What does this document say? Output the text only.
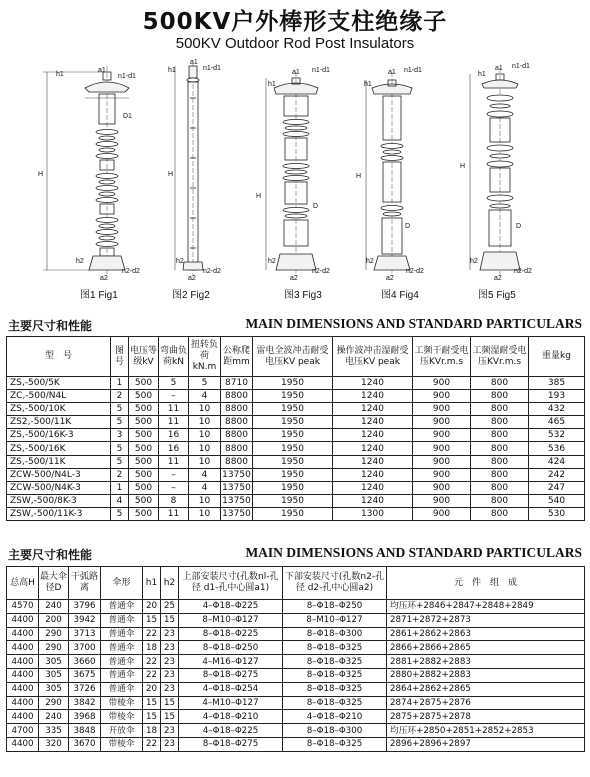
500KV户外棒形支柱绝缘子
500KV Outdoor Rod Post Insulators
h1
a1
n1-d1
D1
H
h2
a2
n2-d2
h1
a1
n1-d1
H
h2
a2
n2-d2
h1
a1 n1-d1
D
H
h2
a2
n2-d2
h1
a1 n1-d1
D
H
h2
a2
n2-d2
h1
a1 n1-d1
D
H
h2
a2
n2-d2
图1 Fig1	图2 Fig2	图3 Fig3	图4 Fig4	图5 Fig5
主要尺寸和性能	MAIN DIMENSIONS AND STANDARD PARTICULARS
型　号	图号	电压等级kV	弯曲负荷kN	扭转负荷kN.m	公称爬距mm	雷电全波冲击耐受电压KV peak	操作波冲击湿耐受电压KV peak	工频干耐受电压KVr.m.s	工频湿耐受电压KVr.m.s	重量kg
ZS,-500/5K	1	500	5	5	8710	1950	1240	900	800	385
ZC,-500/N4L	2	500	–	4	8800	1950	1240	900	800	193
ZS,-500/10K	5	500	11	10	8800	1950	1240	900	800	432
ZS2,-500/11K	5	500	11	10	8800	1950	1240	900	800	465
ZS,-500/16K-3	3	500	16	10	8800	1950	1240	900	800	532
ZS,-500/16K	5	500	16	10	8800	1950	1240	900	800	536
ZS,-500/11K	5	500	11	10	8800	1950	1240	900	800	424
ZCW-500/N4L-3	2	500	–	4	13750	1950	1240	900	800	242
ZCW-500/N4K-3	1	500	–	4	13750	1950	1240	900	800	247
ZSW,-500/8K-3	4	500	8	10	13750	1950	1240	900	800	540
ZSW,-500/11K-3	5	500	11	10	13750	1950	1300	900	800	530
主要尺寸和性能	MAIN DIMENSIONS AND STANDARD PARTICULARS
总高H	最大伞径D	干弧路离	伞形	h1	h2	上部安装尺寸(孔数nl-孔径 d1-孔中心圆a1)	下部安装尺寸(孔数n2-孔径 d2-孔中心圆a2)	元　件　组　成
4570	240	3796	普通伞	20	25	4–Φ18–Φ225	8–Φ18–Φ250	均压环+2846+2847+2848+2849
4400	200	3942	普通伞	15	15	8–M10–Φ127	8–M10–Φ127	2871+2872+2873
4400	290	3713	普通伞	22	23	8–Φ18–Φ225	8–Φ18–Φ300	2861+2862+2863
4400	290	3700	普通伞	18	23	8–Φ18–Φ250	8–Φ18–Φ325	2866+2866+2865
4400	305	3660	普通伞	22	23	4–M16–Φ127	8–Φ18–Φ325	2881+2882+2883
4400	305	3675	普通伞	22	23	8–Φ18–Φ275	8–Φ18–Φ325	2880+2882+2883
4400	305	3726	普通伞	20	23	4–Φ18–Φ254	8–Φ18–Φ325	2864+2862+2865
4400	290	3842	带棱伞	15	15	4–M10–Φ127	8–Φ18–Φ325	2874+2875+2876
4400	240	3968	带棱伞	15	15	4–Φ18–Φ210	4–Φ18–Φ210	2875+2875+2878
4700	335	3848	开放伞	18	23	4–Φ18–Φ225	8–Φ18–Φ300	均压环+2850+2851+2852+2853
4400	320	3670	带棱伞	22	23	8–Φ18–Φ275	8–Φ18–Φ325	2896+2896+2897
